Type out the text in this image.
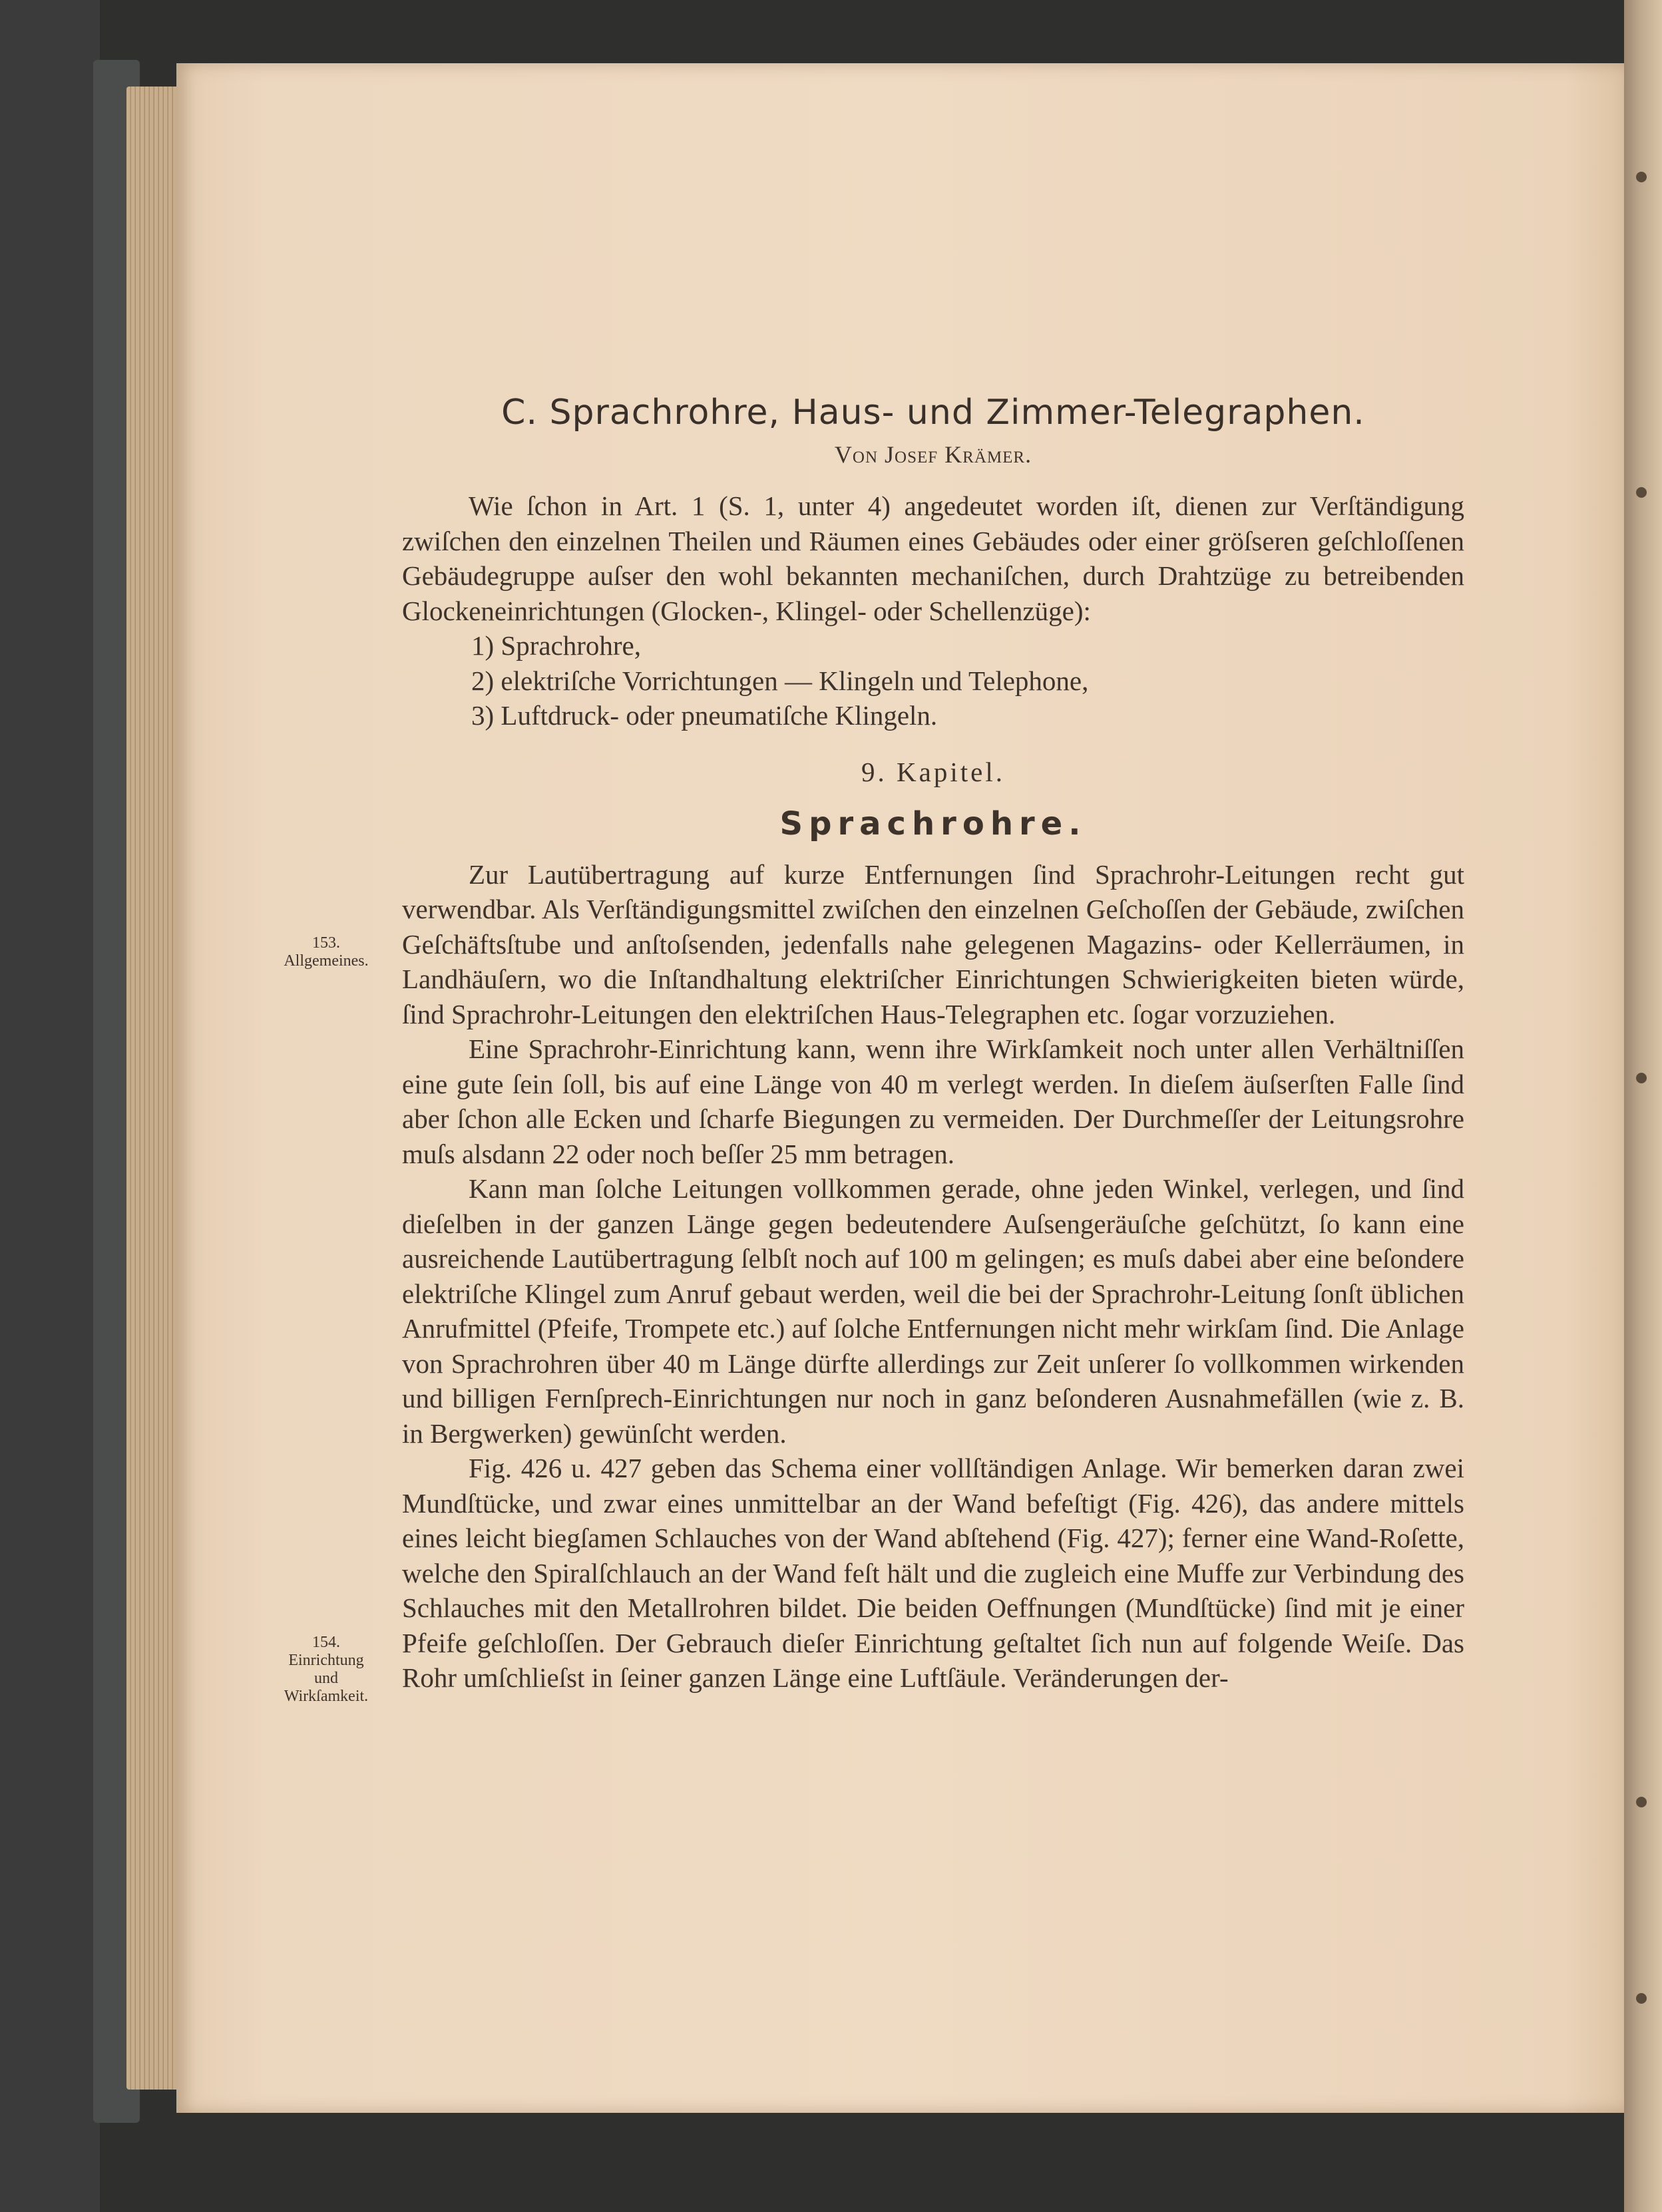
C. Sprachrohre, Haus- und Zimmer-Telegraphen.
Von Josef Krämer.

Wie ſchon in Art. 1 (S. 1, unter 4) angedeutet worden iſt, dienen zur Verſtändigung zwiſchen den einzelnen Theilen und Räumen eines Gebäudes oder einer gröſseren geſchloſſenen Gebäudegruppe auſser den wohl bekannten mechaniſchen, durch Drahtzüge zu betreibenden Glockeneinrichtungen (Glocken-, Klingel- oder Schellenzüge):

1) Sprachrohre,
2) elektriſche Vorrichtungen — Klingeln und Telephone,
3) Luftdruck- oder pneumatiſche Klingeln.
9. Kapitel.
Sprachrohre.

Zur Lautübertragung auf kurze Entfernungen ſind Sprachrohr-Leitungen recht gut verwendbar. Als Verſtändigungsmittel zwiſchen den einzelnen Geſchoſſen der Gebäude, zwiſchen Geſchäftsſtube und anſtoſsenden, jedenfalls nahe gelegenen Magazins- oder Kellerräumen, in Landhäuſern, wo die Inſtandhaltung elektriſcher Einrichtungen Schwierigkeiten bieten würde, ſind Sprachrohr-Leitungen den elektriſchen Haus-Telegraphen etc. ſogar vorzuziehen.

Eine Sprachrohr-Einrichtung kann, wenn ihre Wirkſamkeit noch unter allen Verhältniſſen eine gute ſein ſoll, bis auf eine Länge von 40 m verlegt werden. In dieſem äuſserſten Falle ſind aber ſchon alle Ecken und ſcharfe Biegungen zu vermeiden. Der Durchmeſſer der Leitungsrohre muſs alsdann 22 oder noch beſſer 25 mm betragen.

Kann man ſolche Leitungen vollkommen gerade, ohne jeden Winkel, verlegen, und ſind dieſelben in der ganzen Länge gegen bedeutendere Auſsengeräuſche geſchützt, ſo kann eine ausreichende Lautübertragung ſelbſt noch auf 100 m gelingen; es muſs dabei aber eine beſondere elektriſche Klingel zum Anruf gebaut werden, weil die bei der Sprachrohr-Leitung ſonſt üblichen Anrufmittel (Pfeife, Trompete etc.) auf ſolche Entfernungen nicht mehr wirkſam ſind. Die Anlage von Sprachrohren über 40 m Länge dürfte allerdings zur Zeit unſerer ſo vollkommen wirkenden und billigen Fernſprech-Einrichtungen nur noch in ganz beſonderen Ausnahmefällen (wie z. B. in Bergwerken) gewünſcht werden.

Fig. 426 u. 427 geben das Schema einer vollſtändigen Anlage. Wir bemerken daran zwei Mundſtücke, und zwar eines unmittelbar an der Wand befeſtigt (Fig. 426), das andere mittels eines leicht biegſamen Schlauches von der Wand abſtehend (Fig. 427); ferner eine Wand-Roſette, welche den Spiralſchlauch an der Wand feſt hält und die zugleich eine Muffe zur Verbindung des Schlauches mit den Metallrohren bildet. Die beiden Oeffnungen (Mundſtücke) ſind mit je einer Pfeife geſchloſſen. Der Gebrauch dieſer Einrichtung geſtaltet ſich nun auf folgende Weiſe. Das Rohr umſchlieſst in ſeiner ganzen Länge eine Luftſäule. Veränderungen der-

153.
Allgemeines.
154.
Einrichtung
und
Wirkſamkeit.
